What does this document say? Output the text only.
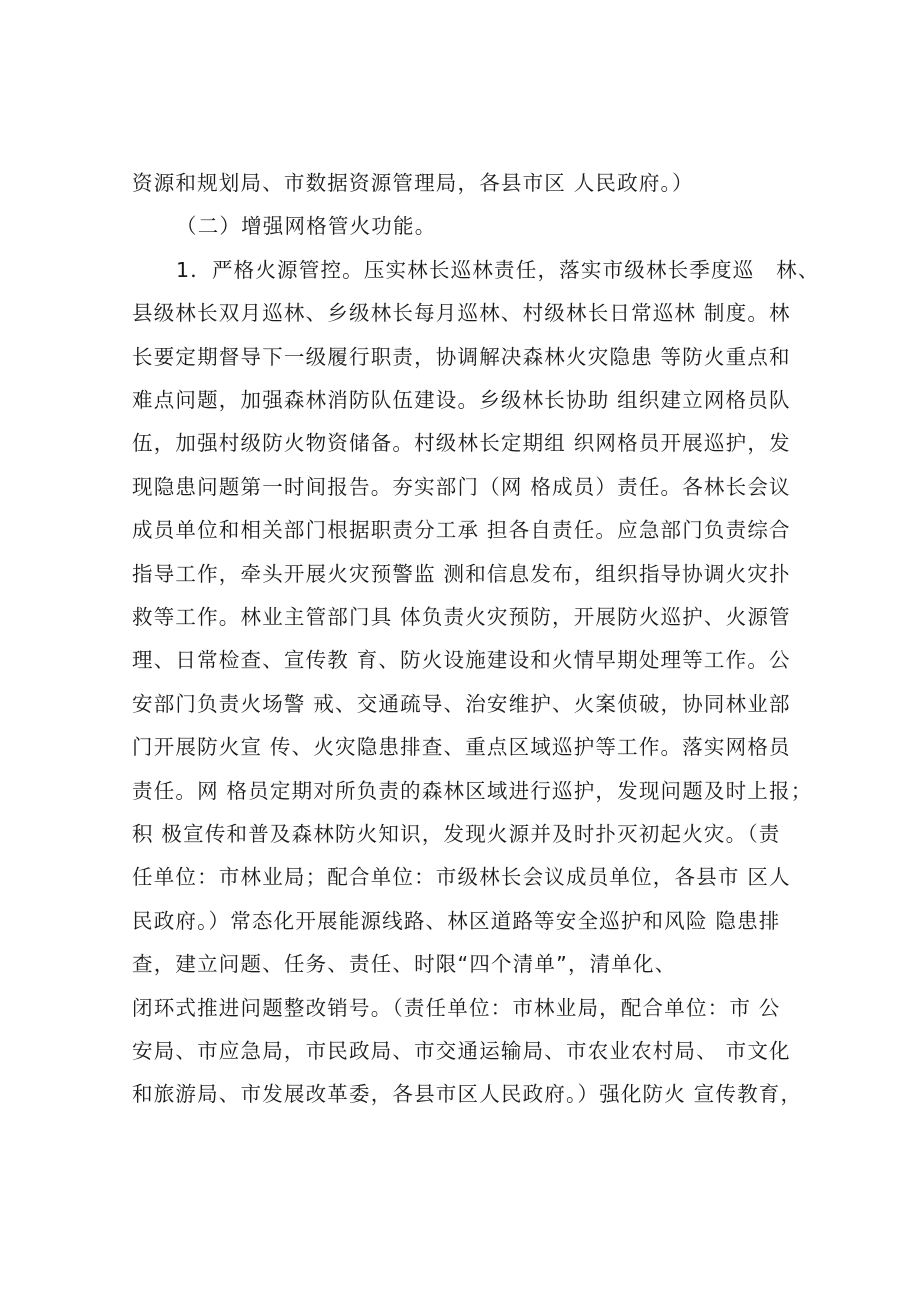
资源和规划局、市数据资源管理局，各县市区 人民政府。）
（二）增强网格管火功能。
1．严格火源管控。压实林长巡林责任，落实市级林长季度巡　林、
县级林长双月巡林、乡级林长每月巡林、村级林长日常巡林 制度。林
长要定期督导下一级履行职责，协调解决森林火灾隐患 等防火重点和
难点问题，加强森林消防队伍建设。乡级林长协助 组织建立网格员队
伍，加强村级防火物资储备。村级林长定期组 织网格员开展巡护，发
现隐患问题第一时间报告。夯实部门（网 格成员）责任。各林长会议
成员单位和相关部门根据职责分工承 担各自责任。应急部门负责综合
指导工作，牵头开展火灾预警监 测和信息发布，组织指导协调火灾扑
救等工作。林业主管部门具 体负责火灾预防，开展防火巡护、火源管
理、日常检查、宣传教 育、防火设施建设和火情早期处理等工作。公
安部门负责火场警 戒、交通疏导、治安维护、火案侦破，协同林业部
门开展防火宣 传、火灾隐患排查、重点区域巡护等工作。落实网格员
责任。网 格员定期对所负责的森林区域进行巡护，发现问题及时上报；
积 极宣传和普及森林防火知识，发现火源并及时扑灭初起火灾。（责
任单位：市林业局；配合单位：市级林长会议成员单位，各县市 区人
民政府。）常态化开展能源线路、林区道路等安全巡护和风险 隐患排
查，建立问题、任务、责任、时限“四个清单”，清单化、
闭环式推进问题整改销号。（责任单位：市林业局，配合单位：市 公
安局、市应急局，市民政局、市交通运输局、市农业农村局、 市文化
和旅游局、市发展改革委，各县市区人民政府。）强化防火 宣传教育，
